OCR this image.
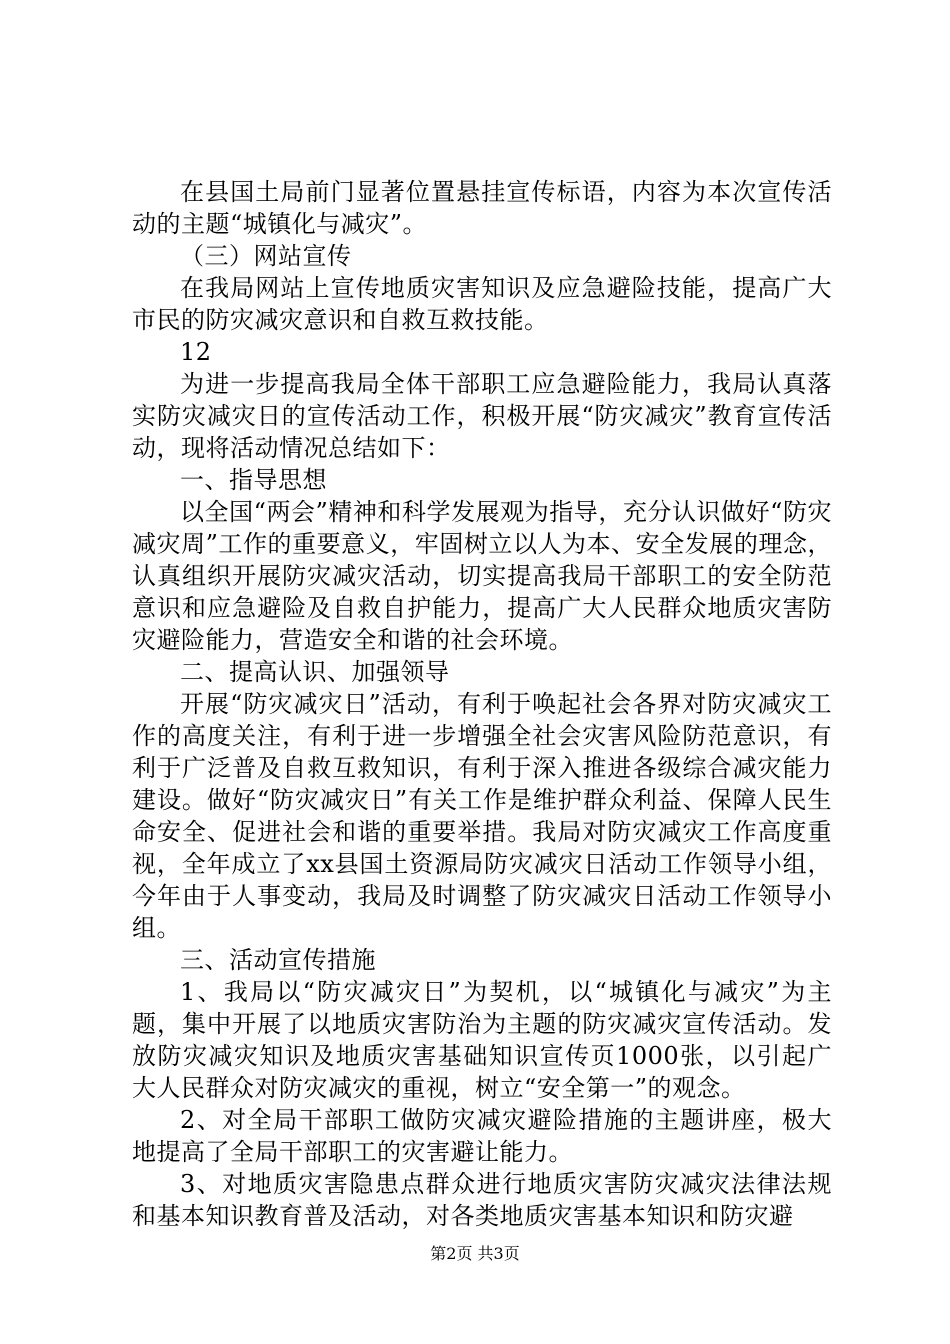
在县国土局前门显著位置悬挂宣传标语，内容为本次宣传活动的主题“城镇化与减灾”。

（三）网站宣传

在我局网站上宣传地质灾害知识及应急避险技能，提高广大市民的防灾减灾意识和自救互救技能。

12

为进一步提高我局全体干部职工应急避险能力，我局认真落实防灾减灾日的宣传活动工作，积极开展“防灾减灾”教育宣传活动，现将活动情况总结如下：

一、指导思想

以全国“两会”精神和科学发展观为指导，充分认识做好“防灾减灾周”工作的重要意义，牢固树立以人为本、安全发展的理念，认真组织开展防灾减灾活动，切实提高我局干部职工的安全防范意识和应急避险及自救自护能力，提高广大人民群众地质灾害防灾避险能力，营造安全和谐的社会环境。

二、提高认识、加强领导

开展“防灾减灾日”活动，有利于唤起社会各界对防灾减灾工作的高度关注，有利于进一步增强全社会灾害风险防范意识，有利于广泛普及自救互救知识，有利于深入推进各级综合减灾能力建设。做好“防灾减灾日”有关工作是维护群众利益、保障人民生命安全、促进社会和谐的重要举措。我局对防灾减灾工作高度重视，全年成立了xx县国土资源局防灾减灾日活动工作领导小组，今年由于人事变动，我局及时调整了防灾减灾日活动工作领导小组。

三、活动宣传措施

1、我局以“防灾减灾日”为契机，以“城镇化与减灾”为主题，集中开展了以地质灾害防治为主题的防灾减灾宣传活动。发放防灾减灾知识及地质灾害基础知识宣传页1000张，以引起广大人民群众对防灾减灾的重视，树立“安全第一”的观念。

2、对全局干部职工做防灾减灾避险措施的主题讲座，极大地提高了全局干部职工的灾害避让能力。

3、对地质灾害隐患点群众进行地质灾害防灾减灾法律法规和基本知识教育普及活动，对各类地质灾害基本知识和防灾避

第2页 共3页
